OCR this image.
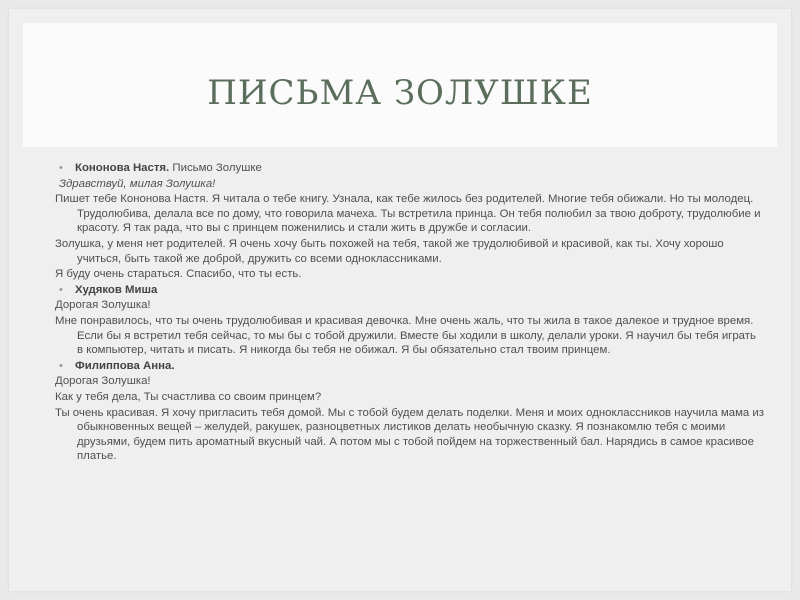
ПИСЬМА ЗОЛУШКЕ
• Кононова Настя. Письмо Золушке
Здравствуй, милая Золушка!
Пишет тебе Кононова Настя. Я читала о тебе книгу. Узнала, как тебе жилось без родителей. Многие тебя обижали. Но ты молодец. Трудолюбива, делала все по дому, что говорила мачеха. Ты встретила принца. Он тебя полюбил за твою доброту, трудолюбие и красоту. Я так рада, что вы с принцем поженились и стали жить в дружбе и согласии.
Золушка, у меня нет родителей. Я очень хочу быть похожей на тебя, такой же трудолюбивой и красивой, как ты. Хочу хорошо учиться, быть такой же доброй, дружить со всеми одноклассниками.
Я буду очень стараться. Спасибо, что ты есть.
• Худяков Миша
Дорогая Золушка!
Мне понравилось, что ты очень трудолюбивая и красивая девочка. Мне очень жаль, что ты жила в такое далекое и трудное время. Если бы я встретил тебя сейчас, то мы бы с тобой дружили. Вместе бы ходили в школу, делали уроки. Я научил бы тебя играть в компьютер, читать и писать. Я никогда бы тебя не обижал. Я бы обязательно стал твоим принцем.
• Филиппова Анна.
Дорогая Золушка!
Как у тебя дела, Ты счастлива со своим принцем?
Ты очень красивая. Я хочу пригласить тебя домой. Мы с тобой будем делать поделки. Меня и моих одноклассников научила мама из обыкновенных вещей – желудей, ракушек, разноцветных листиков делать необычную сказку. Я познакомлю тебя с моими друзьями, будем пить ароматный вкусный чай. А потом мы с тобой пойдем на торжественный бал. Нарядись в самое красивое платье.
